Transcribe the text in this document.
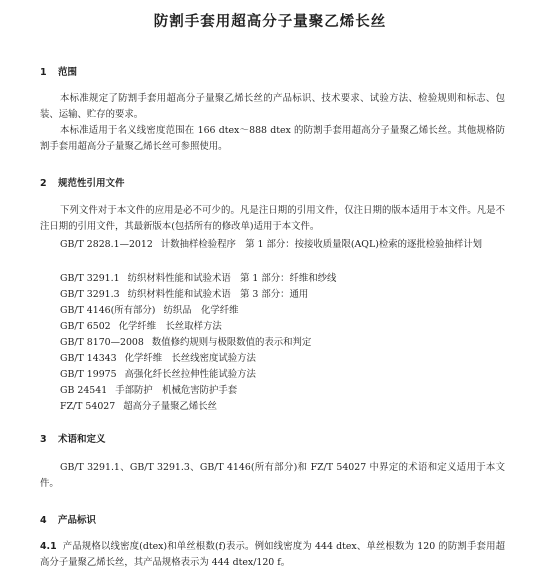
防割手套用超高分子量聚乙烯长丝
1 范围

本标准规定了防割手套用超高分子量聚乙烯长丝的产品标识、技术要求、试验方法、检验规则和标志、包装、运输、贮存的要求。

本标准适用于名义线密度范围在 166 dtex～888 dtex 的防割手套用超高分子量聚乙烯长丝。其他规格防割手套用超高分子量聚乙烯长丝可参照使用。

2 规范性引用文件

下列文件对于本文件的应用是必不可少的。凡是注日期的引用文件，仅注日期的版本适用于本文件。凡是不注日期的引用文件，其最新版本(包括所有的修改单)适用于本文件。

GB/T 2828.1—2012 计数抽样检验程序　第 1 部分：按接收质量限(AQL)检索的逐批检验抽样计划

GB/T 3291.1 纺织材料性能和试验术语　第 1 部分：纤维和纱线
GB/T 3291.3 纺织材料性能和试验术语　第 3 部分：通用
GB/T 4146(所有部分) 纺织品　化学纤维
GB/T 6502 化学纤维　长丝取样方法
GB/T 8170—2008 数值修约规则与极限数值的表示和判定
GB/T 14343 化学纤维　长丝线密度试验方法
GB/T 19975 高强化纤长丝拉伸性能试验方法
GB 24541 手部防护　机械危害防护手套
FZ/T 54027 超高分子量聚乙烯长丝
3 术语和定义

GB/T 3291.1、GB/T 3291.3、GB/T 4146(所有部分)和 FZ/T 54027 中界定的术语和定义适用于本文件。

4 产品标识

4.1 产品规格以线密度(dtex)和单丝根数(f)表示。例如线密度为 444 dtex、单丝根数为 120 的防割手套用超高分子量聚乙烯长丝，其产品规格表示为 444 dtex/120 f。
